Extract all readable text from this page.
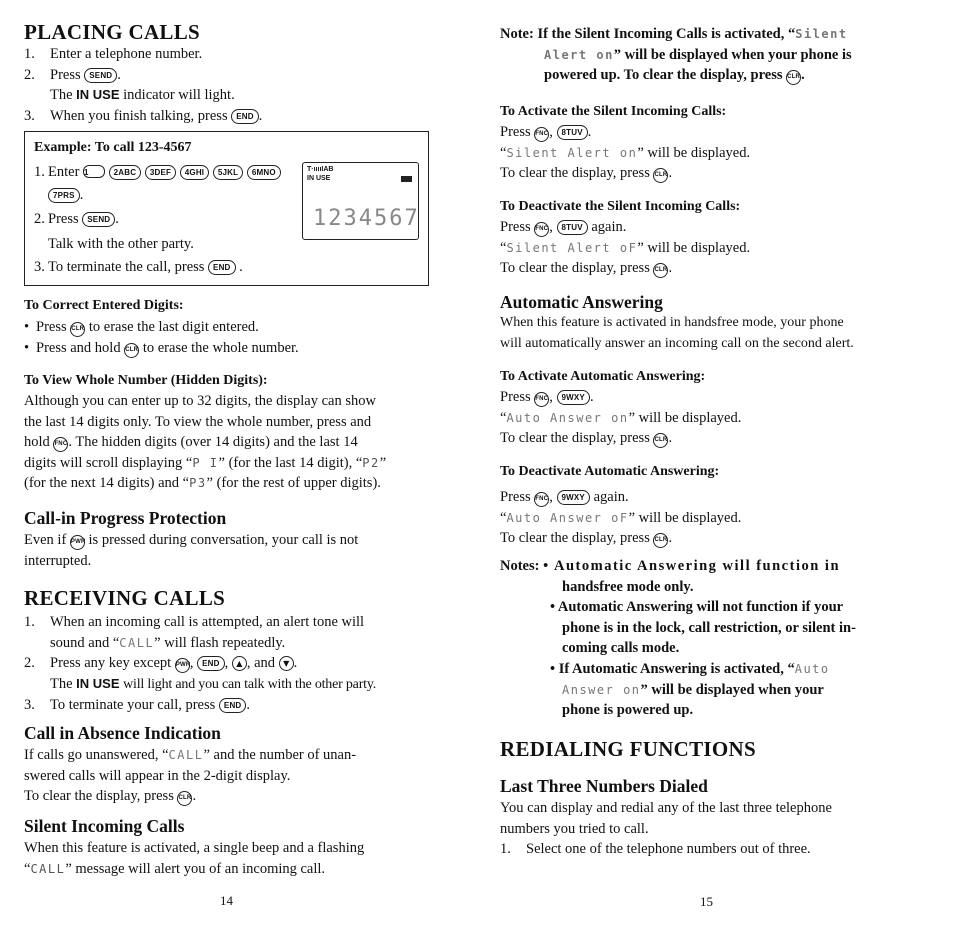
PLACING CALLS
1. Enter a telephone number.
2. Press SEND .
The IN USE indicator will light.
3. When you finish talking, press END .
Example: To call 123-4567
1. Enter 1	2ABC 3DEF 4GHI 5JKL 6MNO
7PRS .
2. Press SEND .
Talk with the other party.
3. To terminate the call, press END .
T·ııııIAB
IN USE
1234567
To Correct Entered Digits:
• Press CLR to erase the last digit entered.
• Press and hold CLR to erase the whole number.
To View Whole Number (Hidden Digits):
Although you can enter up to 32 digits, the display can show
the last 14 digits only. To view the whole number, press and
hold FNC. The hidden digits (over 14 digits) and the last 14
digits will scroll displaying “P I” (for the last 14 digit), “P2”
(for the next 14 digits) and “P3” (for the rest of upper digits).
Call-in Progress Protection
Even if PWR is pressed during conversation, your call is not
interrupted.
RECEIVING CALLS
1. When an incoming call is attempted, an alert tone will
sound and “CALL” will flash repeatedly.
2. Press any key except PWR, END , ▲ , and ▼ .
The IN USE will light and you can talk with the other party.
3. To terminate your call, press END .
Call in Absence Indication
If calls go unanswered, “CALL” and the number of unan-
swered calls will appear in the 2-digit display.
To clear the display, press CLR.
Silent Incoming Calls
When this feature is activated, a single beep and a flashing
“CALL” message will alert you of an incoming call.
14
Note: If the Silent Incoming Calls is activated, “Silent
Alert on” will be displayed when your phone is
powered up. To clear the display, press CLR.
To Activate the Silent Incoming Calls:
Press FNC, 8TUV .
“Silent Alert on” will be displayed.
To clear the display, press CLR.
To Deactivate the Silent Incoming Calls:
Press FNC, 8TUV again.
“Silent Alert oF” will be displayed.
To clear the display, press CLR.
Automatic Answering
When this feature is activated in handsfree mode, your phone
will automatically answer an incoming call on the second alert.
To Activate Automatic Answering:
Press FNC, 9WXY .
“Auto Answer on” will be displayed.
To clear the display, press CLR.
To Deactivate Automatic Answering:
Press FNC, 9WXY again.
“Auto Answer oF” will be displayed.
To clear the display, press CLR.
Notes: • Automatic Answering will function in
handsfree mode only.
• Automatic Answering will not function if your
phone is in the lock, call restriction, or silent in-
coming calls mode.
• If Automatic Answering is activated, “Auto
Answer on” will be displayed when your
phone is powered up.
REDIALING FUNCTIONS
Last Three Numbers Dialed
You can display and redial any of the last three telephone
numbers you tried to call.
1. Select one of the telephone numbers out of three.
15
